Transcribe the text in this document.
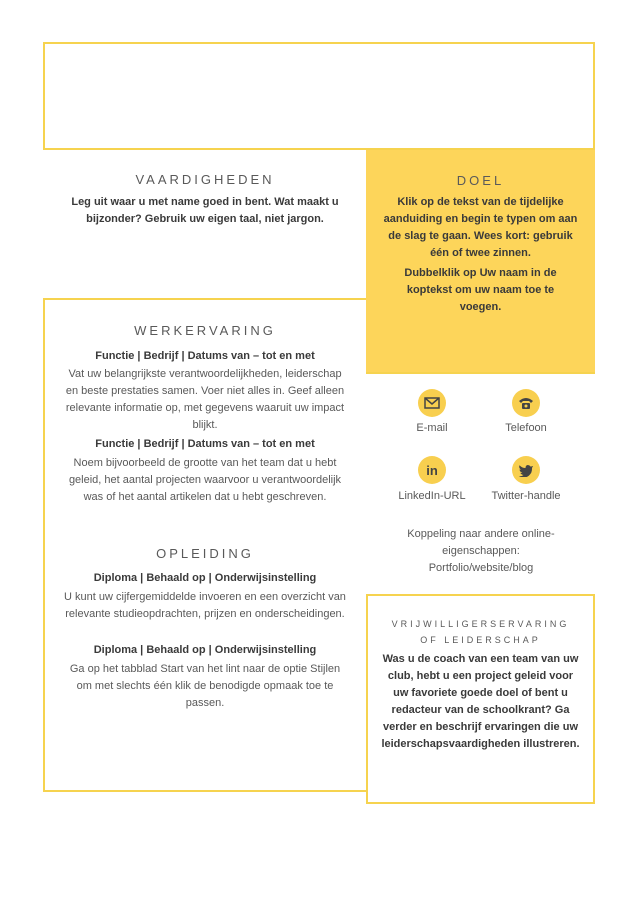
VAARDIGHEDEN
Leg uit waar u met name goed in bent. Wat maakt u bijzonder? Gebruik uw eigen taal, niet jargon.
DOEL
Klik op de tekst van de tijdelijke aanduiding en begin te typen om aan de slag te gaan. Wees kort: gebruik één of twee zinnen.
Dubbelklik op Uw naam in de koptekst om uw naam toe te voegen.
WERKERVARING
Functie | Bedrijf | Datums van – tot en met
Vat uw belangrijkste verantwoordelijkheden, leiderschap en beste prestaties samen. Voer niet alles in. Geef alleen relevante informatie op, met gegevens waaruit uw impact blijkt.
Functie | Bedrijf | Datums van – tot en met
Noem bijvoorbeeld de grootte van het team dat u hebt geleid, het aantal projecten waarvoor u verantwoordelijk was of het aantal artikelen dat u hebt geschreven.
OPLEIDING
Diploma | Behaald op | Onderwijsinstelling
U kunt uw cijfergemiddelde invoeren en een overzicht van relevante studieopdrachten, prijzen en onderscheidingen.
Diploma | Behaald op | Onderwijsinstelling
Ga op het tabblad Start van het lint naar de optie Stijlen om met slechts één klik de benodigde opmaak toe te passen.
E-mail	Telefoon
in
LinkedIn-URL	Twitter-handle
Koppeling naar andere online-eigenschappen: Portfolio/website/blog
VRIJWILLIGERSERVARING OF LEIDERSCHAP
Was u de coach van een team van uw club, hebt u een project geleid voor uw favoriete goede doel of bent u redacteur van de schoolkrant? Ga verder en beschrijf ervaringen die uw leiderschapsvaardigheden illustreren.
